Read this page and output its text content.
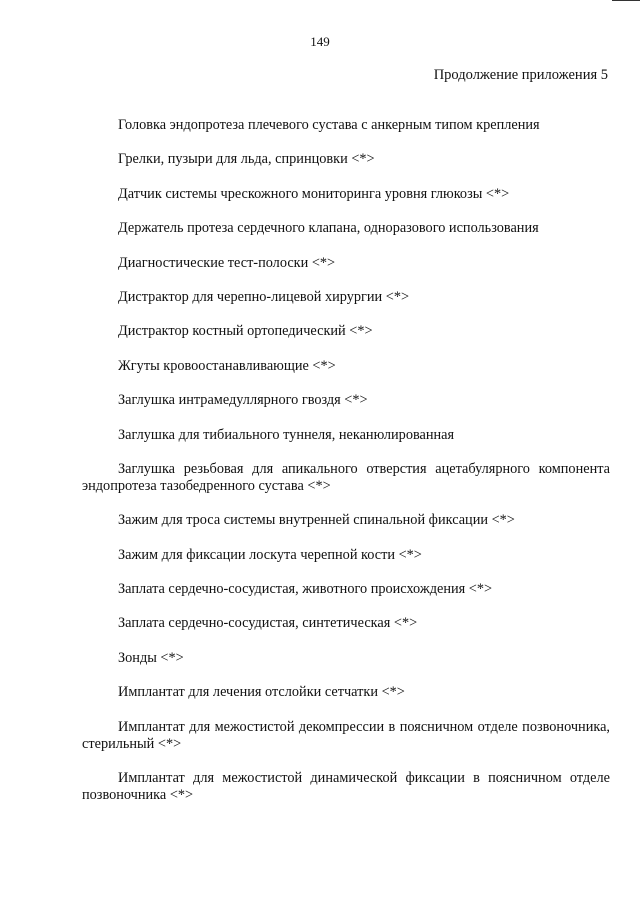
149
Продолжение приложения 5
Головка эндопротеза плечевого сустава с анкерным типом крепления
Грелки, пузыри для льда, спринцовки <*>
Датчик системы чрескожного мониторинга уровня глюкозы <*>
Держатель протеза сердечного клапана, одноразового использования
Диагностические тест-полоски <*>
Дистрактор для черепно-лицевой хирургии <*>
Дистрактор костный ортопедический <*>
Жгуты кровоостанавливающие <*>
Заглушка интрамедуллярного гвоздя <*>
Заглушка для тибиального туннеля, неканюлированная
Заглушка резьбовая для апикального отверстия ацетабулярного компонента эндопротеза тазобедренного сустава <*>
Зажим для троса системы внутренней спинальной фиксации <*>
Зажим для фиксации лоскута черепной кости <*>
Заплата сердечно-сосудистая, животного происхождения <*>
Заплата сердечно-сосудистая, синтетическая <*>
Зонды <*>
Имплантат для лечения отслойки сетчатки <*>
Имплантат для межостистой декомпрессии в поясничном отделе позвоночника, стерильный <*>
Имплантат для межостистой динамической фиксации в поясничном отделе позвоночника <*>
